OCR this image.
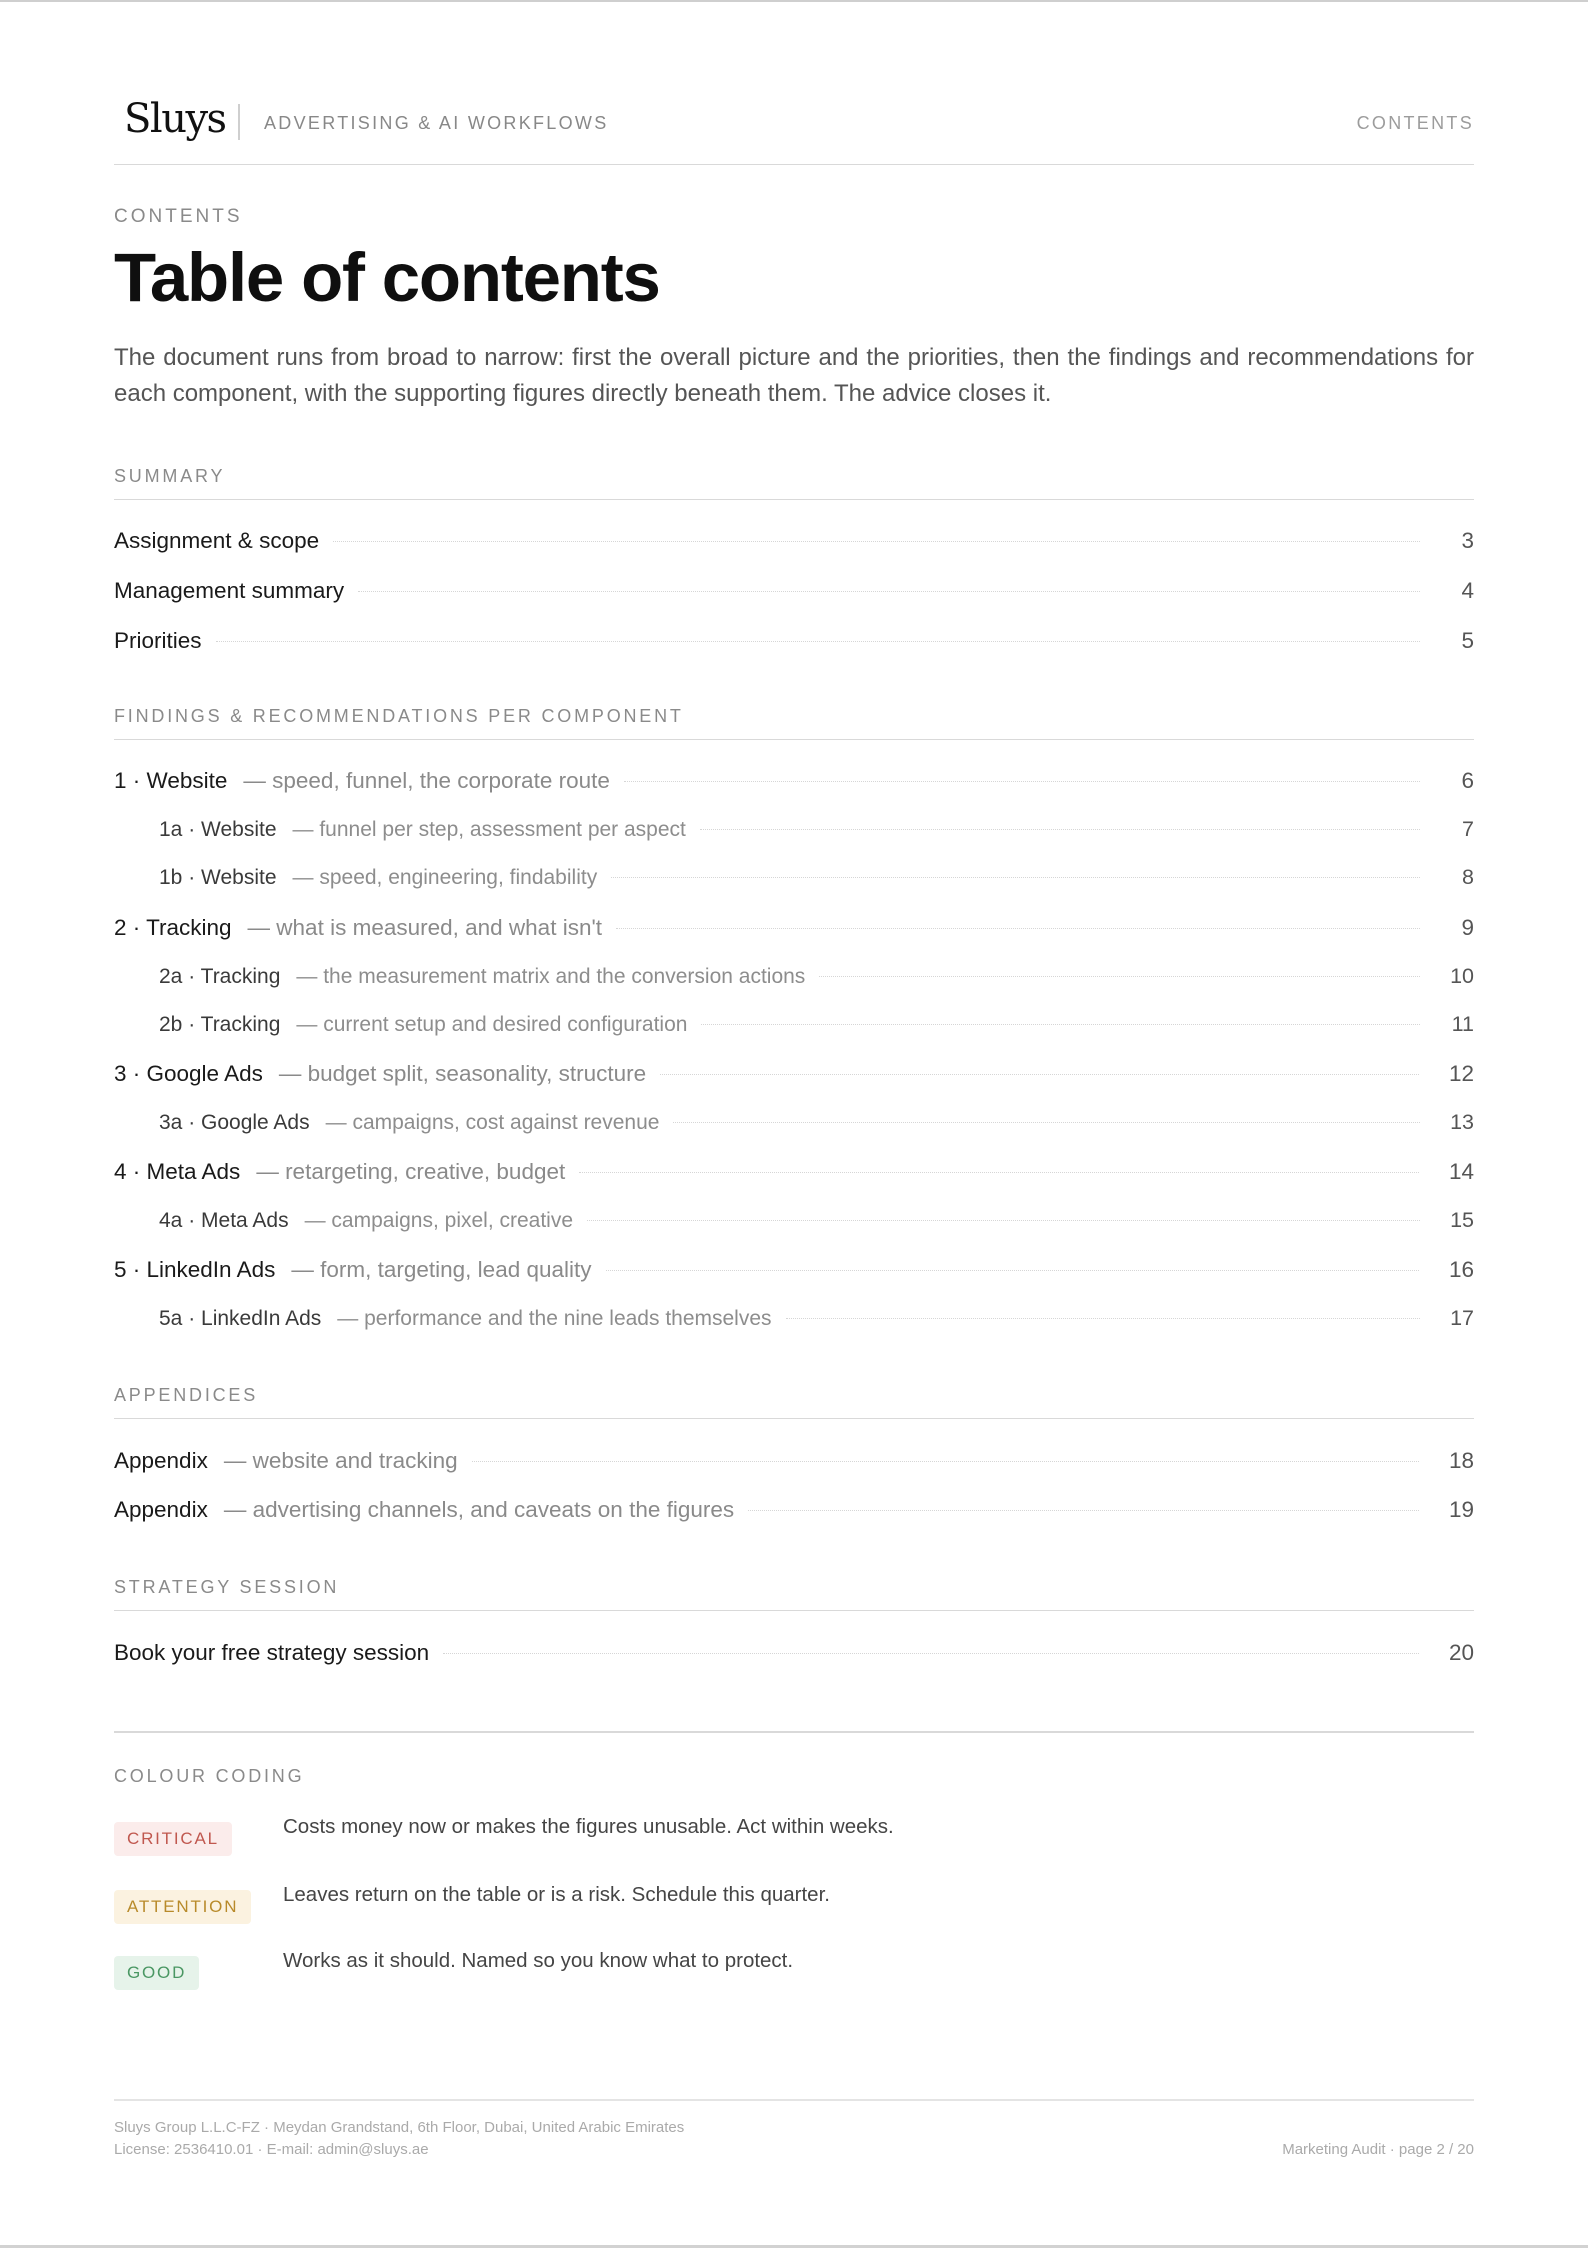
Sluys ADVERTISING & AI WORKFLOWS	CONTENTS
CONTENTS
Table of contents

The document runs from broad to narrow: first the overall picture and the priorities, then the findings and recommendations for each component, with the supporting figures directly beneath them. The advice closes it.

SUMMARY
Assignment & scope	3
Management summary	4
Priorities	5
FINDINGS & RECOMMENDATIONS PER COMPONENT
1 · Website — speed, funnel, the corporate route	6
1a · Website — funnel per step, assessment per aspect	7
1b · Website — speed, engineering, findability	8
2 · Tracking — what is measured, and what isn't	9
2a · Tracking — the measurement matrix and the conversion actions	10
2b · Tracking — current setup and desired configuration	11
3 · Google Ads — budget split, seasonality, structure	12
3a · Google Ads — campaigns, cost against revenue	13
4 · Meta Ads — retargeting, creative, budget	14
4a · Meta Ads — campaigns, pixel, creative	15
5 · LinkedIn Ads — form, targeting, lead quality	16
5a · LinkedIn Ads — performance and the nine leads themselves	17
APPENDICES
Appendix — website and tracking	18
Appendix — advertising channels, and caveats on the figures	19
STRATEGY SESSION
Book your free strategy session	20
COLOUR CODING
CRITICAL
Costs money now or makes the figures unusable. Act within weeks.
ATTENTION
Leaves return on the table or is a risk. Schedule this quarter.
GOOD
Works as it should. Named so you know what to protect.
Sluys Group L.L.C-FZ · Meydan Grandstand, 6th Floor, Dubai, United Arabic Emirates
License: 2536410.01 · E-mail: admin@sluys.ae	Marketing Audit · page 2 / 20
